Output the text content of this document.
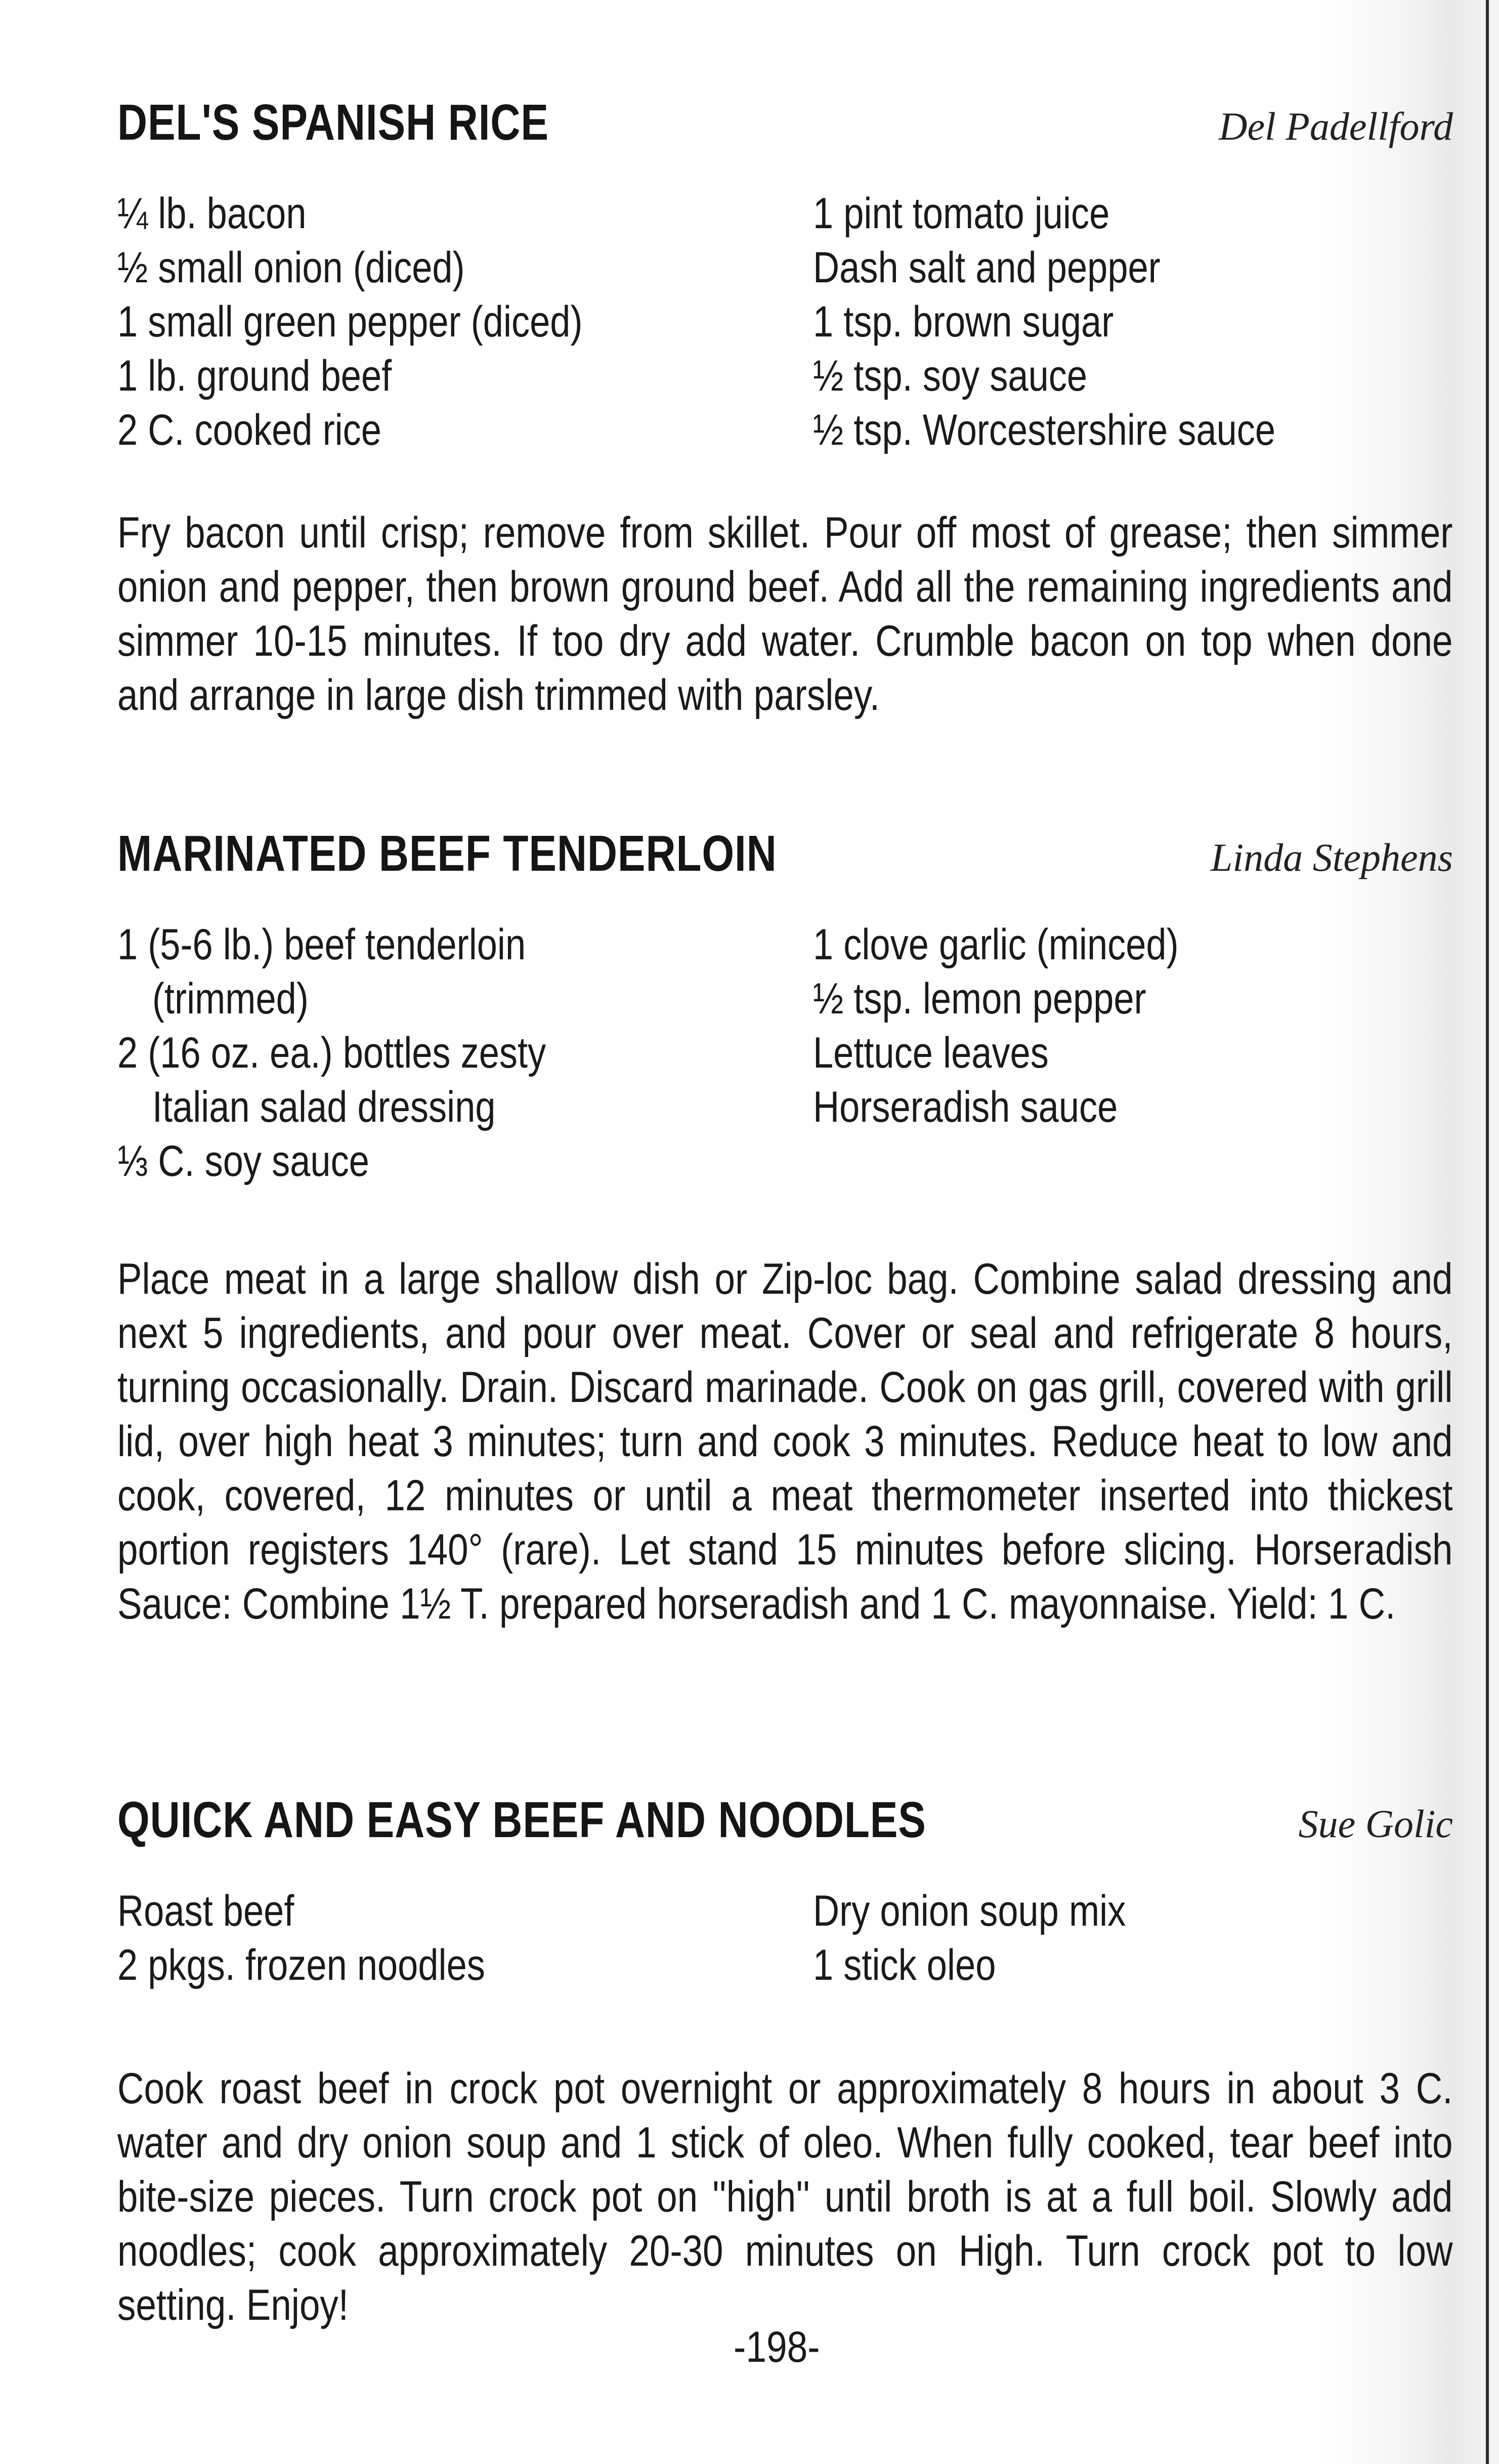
DEL'S SPANISH RICE	Del Padellford
¼ lb. bacon
½ small onion (diced)
1 small green pepper (diced)
1 lb. ground beef
2 C. cooked rice
1 pint tomato juice
Dash salt and pepper
1 tsp. brown sugar
½ tsp. soy sauce
½ tsp. Worcestershire sauce
Fry bacon until crisp; remove from skillet. Pour off most of grease; then simmer onion and pepper, then brown ground beef. Add all the remaining ingredients and simmer 10-15 minutes. If too dry add water. Crumble bacon on top when done and arrange in large dish trimmed with parsley.
MARINATED BEEF TENDERLOIN	Linda Stephens
1 (5-6 lb.) beef tenderloin
(trimmed)
2 (16 oz. ea.) bottles zesty
Italian salad dressing
⅓ C. soy sauce
1 clove garlic (minced)
½ tsp. lemon pepper
Lettuce leaves
Horseradish sauce
Place meat in a large shallow dish or Zip-loc bag. Combine salad dressing and next 5 ingredients, and pour over meat. Cover or seal and refrigerate 8 hours, turning occasionally. Drain. Discard marinade. Cook on gas grill, covered with grill lid, over high heat 3 minutes; turn and cook 3 minutes. Reduce heat to low and cook, covered, 12 minutes or until a meat thermometer inserted into thickest portion registers 140° (rare). Let stand 15 minutes before slicing. Horseradish Sauce: Combine 1½ T. prepared horseradish and 1 C. mayonnaise. Yield: 1 C.
QUICK AND EASY BEEF AND NOODLES	Sue Golic
Roast beef
2 pkgs. frozen noodles
Dry onion soup mix
1 stick oleo
Cook roast beef in crock pot overnight or approximately 8 hours in about 3 C. water and dry onion soup and 1 stick of oleo. When fully cooked, tear beef into bite-size pieces. Turn crock pot on ''high'' until broth is at a full boil. Slowly add noodles; cook approximately 20-30 minutes on High. Turn crock pot to low setting. Enjoy!
-198-
